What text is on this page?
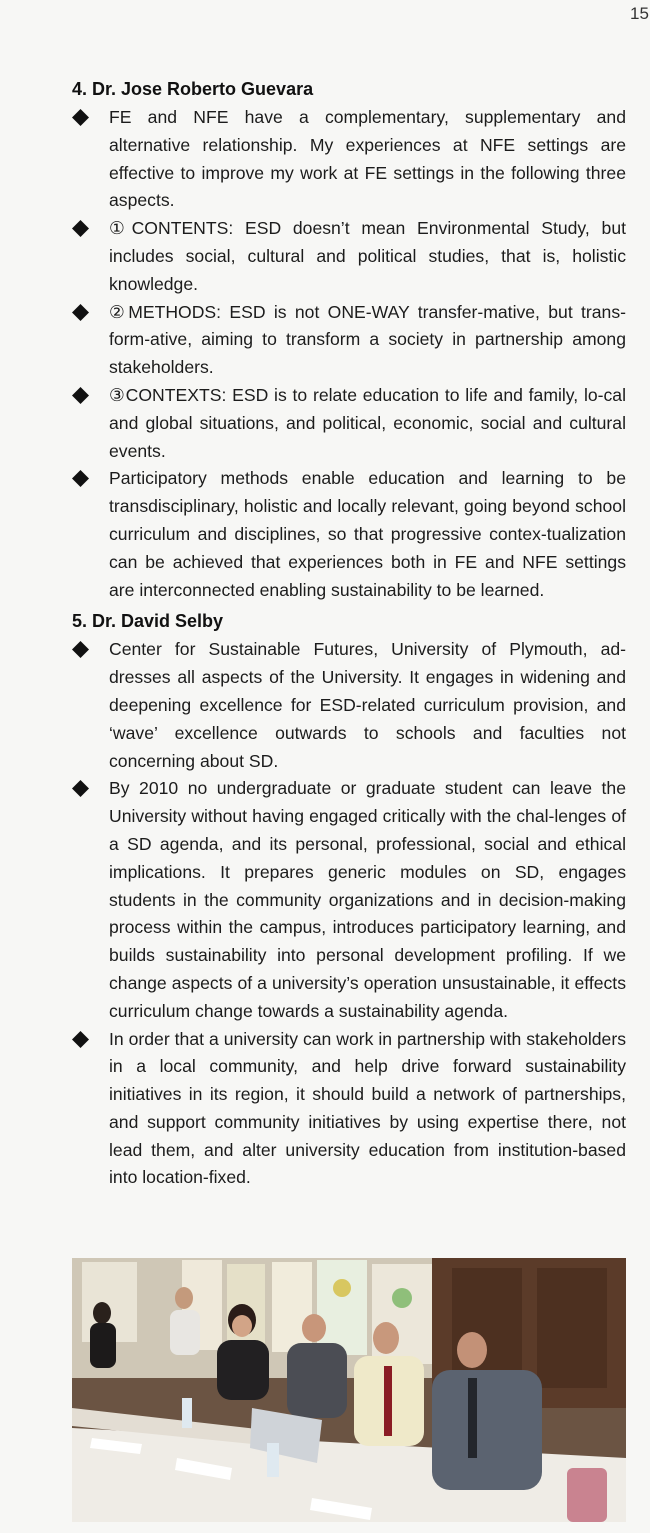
15
4. Dr. Jose Roberto Guevara
FE and NFE have a complementary, supplementary and alternative relationship. My experiences at NFE settings are effective to improve my work at FE settings in the following three aspects.
①CONTENTS: ESD doesn’t mean Environmental Study, but includes social, cultural and political studies, that is, holistic knowledge.
②METHODS: ESD is not ONE-WAY transfer-mative, but trans-form-ative, aiming to transform a society in partnership among stakeholders.
③CONTEXTS: ESD is to relate education to life and family, lo-cal and global situations, and political, economic, social and cultural events.
Participatory methods enable education and learning to be transdisciplinary, holistic and locally relevant, going beyond school curriculum and disciplines, so that progressive contex-tualization can be achieved that experiences both in FE and NFE settings are interconnected enabling sustainability to be learned.
5. Dr. David Selby
Center for Sustainable Futures, University of Plymouth, ad-dresses all aspects of the University. It engages in widening and deepening excellence for ESD-related curriculum provision, and ‘wave’ excellence outwards to schools and faculties not concerning about SD.
By 2010 no undergraduate or graduate student can leave the University without having engaged critically with the chal-lenges of a SD agenda, and its personal, professional, social and ethical implications. It prepares generic modules on SD, engages students in the community organizations and in decision-making process within the campus, introduces participatory learning, and builds sustainability into personal development profiling. If we change aspects of a university’s operation unsustainable, it effects curriculum change towards a sustainability agenda.
In order that a university can work in partnership with stakeholders in a local community, and help drive forward sustainability initiatives in its region, it should build a network of partnerships, and support community initiatives by using expertise there, not lead them, and alter university education from institution-based into location-fixed.
